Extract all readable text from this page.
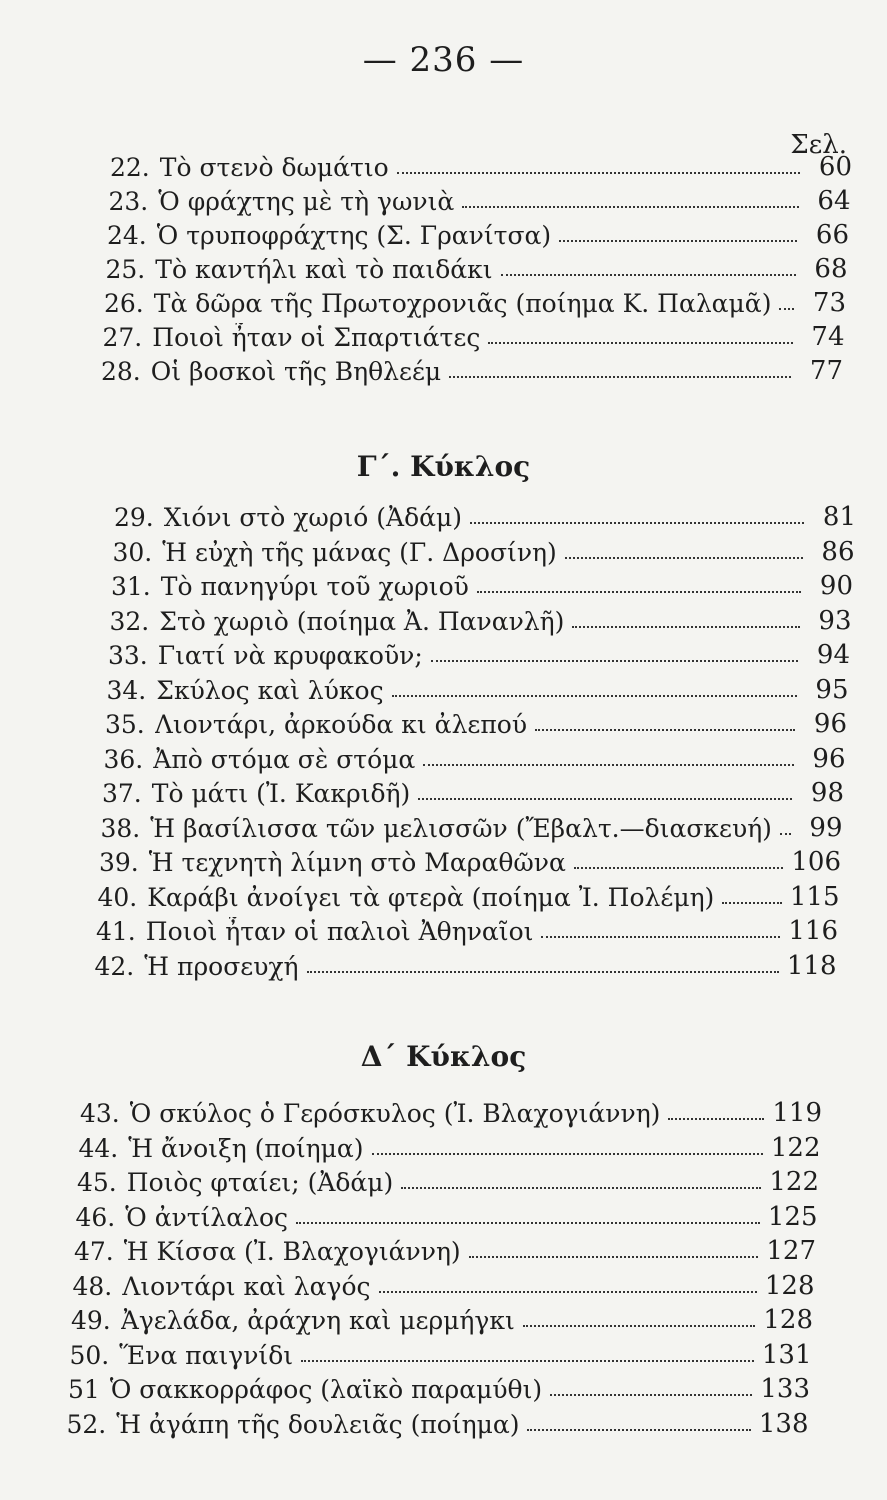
— 236 —
Σελ.
22. Τὸ στενὸ δωμάτιο	60
23. Ὁ φράχτης μὲ τὴ γωνιὰ	64
24. Ὁ τρυποφράχτης (Σ. Γρανίτσα)	66
25. Τὸ καντήλι καὶ τὸ παιδάκι	68
26. Τὰ δῶρα τῆς Πρωτοχρονιᾶς (ποίημα Κ. Παλαμᾶ)	73
27. Ποιοὶ ἦταν οἱ Σπαρτιάτες	74
28. Οἱ βοσκοὶ τῆς Βηθλεέμ	77
Γ΄. Κύκλος
29. Χιόνι στὸ χωριό (Ἀδάμ)	81
30. Ἡ εὐχὴ τῆς μάνας (Γ. Δροσίνη)	86
31. Τὸ πανηγύρι τοῦ χωριοῦ	90
32. Στὸ χωριὸ (ποίημα Ἀ. Πανανλῆ)	93
33. Γιατί νὰ κρυφακοῦν;	94
34. Σκύλος καὶ λύκος	95
35. Λιοντάρι, ἀρκούδα κι ἀλεπού	96
36. Ἀπὸ στόμα σὲ στόμα	96
37. Τὸ μάτι (Ἰ. Κακριδῆ)	98
38. Ἡ βασίλισσα τῶν μελισσῶν (Ἔβαλτ.—διασκευή)	99
39. Ἡ τεχνητὴ λίμνη στὸ Μαραθῶνα	106
40. Καράβι ἀνοίγει τὰ φτερὰ (ποίημα Ἰ. Πολέμη)	115
41. Ποιοὶ ἦταν οἱ παλιοὶ Ἀθηναῖοι	116
42. Ἡ προσευχή	118
Δ΄ Κύκλος
43. Ὁ σκύλος ὁ Γερόσκυλος (Ἰ. Βλαχογιάννη)	119
44. Ἡ ἄνοιξη (ποίημα)	122
45. Ποιὸς φταίει; (Ἀδάμ)	122
46. Ὁ ἀντίλαλος	125
47. Ἡ Κίσσα (Ἰ. Βλαχογιάννη)	127
48. Λιοντάρι καὶ λαγός	128
49. Ἀγελάδα, ἀράχνη καὶ μερμήγκι	128
50. Ἕνα παιγνίδι	131
51 Ὁ σακκορράφος (λαϊκὸ παραμύθι)	133
52. Ἡ ἀγάπη τῆς δουλειᾶς (ποίημα)	138
